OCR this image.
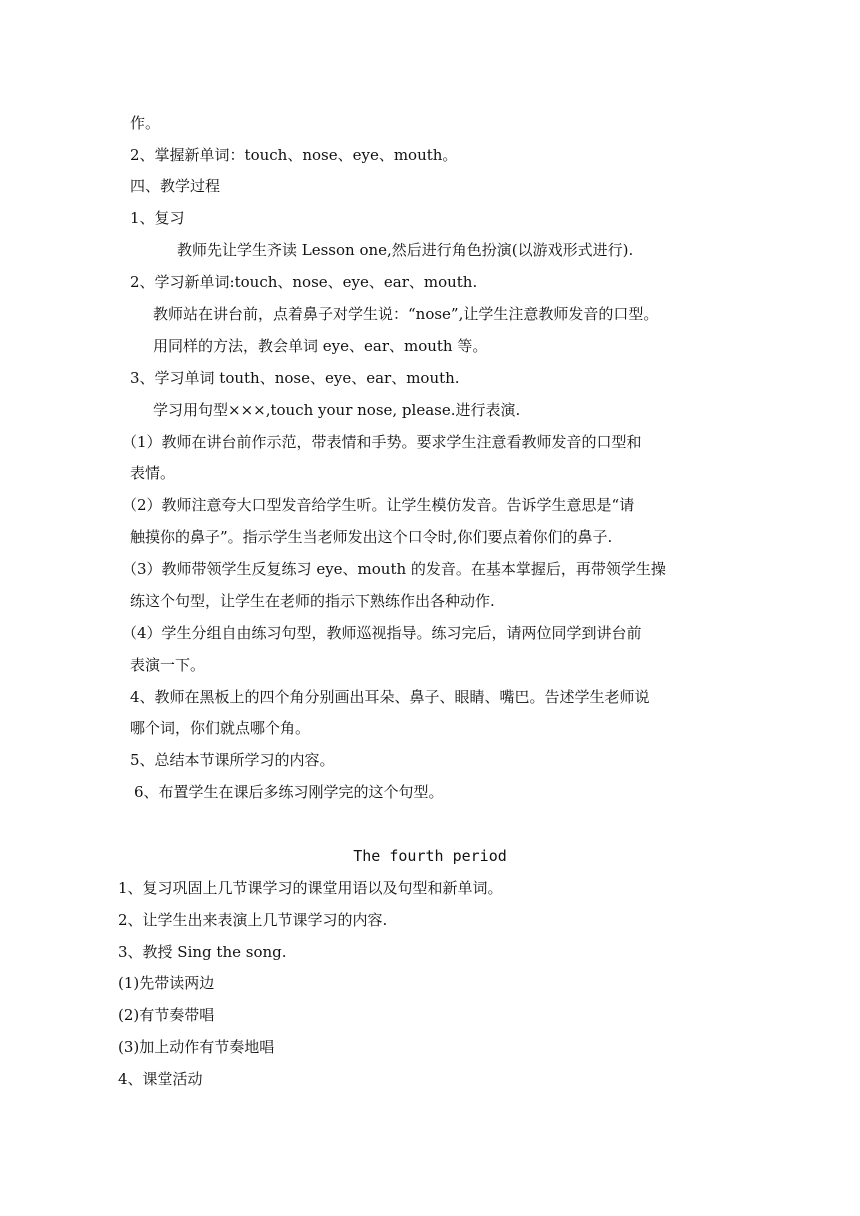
作。
2、掌握新单词：touch、nose、eye、mouth。
四、教学过程
1、复习
教师先让学生齐读 Lesson one,然后进行角色扮演(以游戏形式进行).
2、学习新单词:touch、nose、eye、ear、mouth.
教师站在讲台前，点着鼻子对学生说：“nose”,让学生注意教师发音的口型。
用同样的方法，教会单词 eye、ear、mouth 等。
3、学习单词 touth、nose、eye、ear、mouth.
学习用句型×××,touch your nose, please.进行表演.
（1）教师在讲台前作示范，带表情和手势。要求学生注意看教师发音的口型和
表情。
（2）教师注意夸大口型发音给学生听。让学生模仿发音。告诉学生意思是“请
触摸你的鼻子”。指示学生当老师发出这个口令时,你们要点着你们的鼻子.
（3）教师带领学生反复练习 eye、mouth 的发音。在基本掌握后，再带领学生操
练这个句型，让学生在老师的指示下熟练作出各种动作.
（4）学生分组自由练习句型，教师巡视指导。练习完后，请两位同学到讲台前
表演一下。
4、教师在黑板上的四个角分别画出耳朵、鼻子、眼睛、嘴巴。告述学生老师说
哪个词，你们就点哪个角。
5、总结本节课所学习的内容。
6、布置学生在课后多练习刚学完的这个句型。
The fourth period
1、复习巩固上几节课学习的课堂用语以及句型和新单词。
2、让学生出来表演上几节课学习的内容.
3、教授 Sing the song.
(1)先带读两边
(2)有节奏带唱
(3)加上动作有节奏地唱
4、课堂活动
